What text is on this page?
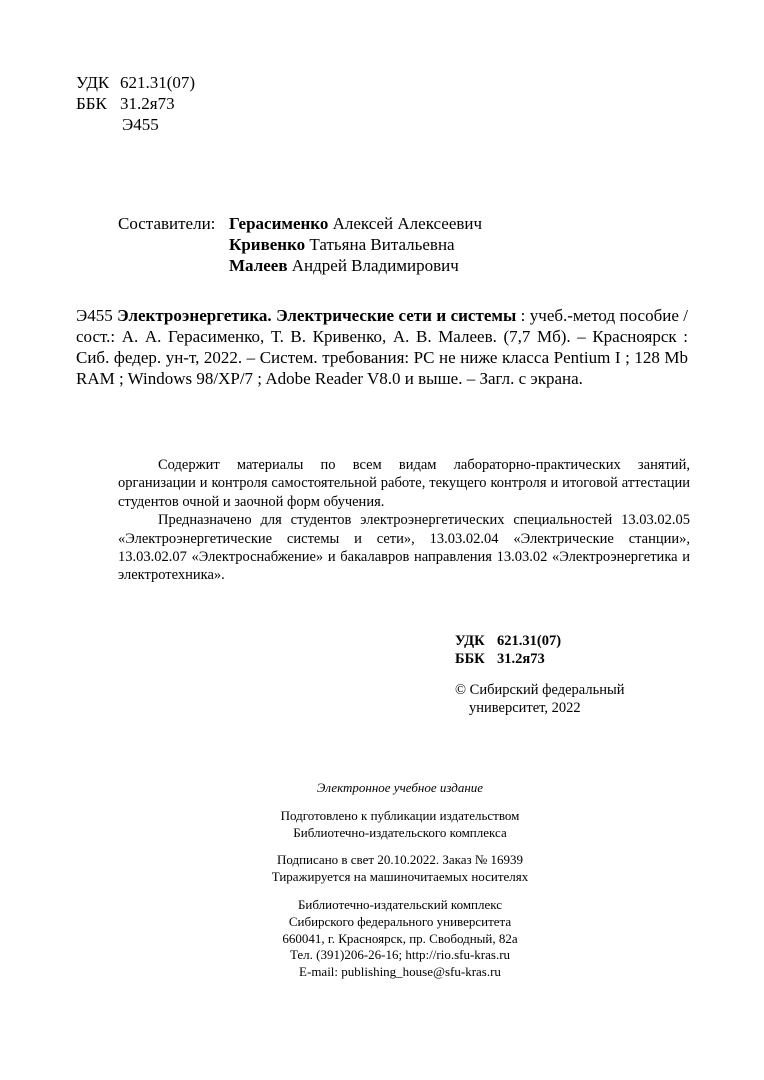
УДК 621.31(07)
ББК 31.2я73
Э455
Составители: Герасименко Алексей Алексеевич
Кривенко Татьяна Витальевна
Малеев Андрей Владимирович

Э455 Электроэнергетика. Электрические сети и системы : учеб.-метод пособие / сост.: А. А. Герасименко, Т. В. Кривенко, А. В. Малеев. (7,7 Мб). – Красноярск : Сиб. федер. ун-т, 2022. – Систем. требования: PC не ниже класса Pentium I ; 128 Mb RAM ; Windows 98/XP/7 ; Adobe Reader V8.0 и выше. – Загл. с экрана.

Содержит материалы по всем видам лабораторно-практических занятий, организации и контроля самостоятельной работе, текущего контроля и итоговой аттестации студентов очной и заочной форм обучения.

Предназначено для студентов электроэнергетических специальностей 13.03.02.05 «Электроэнергетические системы и сети», 13.03.02.04 «Электрические станции», 13.03.02.07 «Электроснабжение» и бакалавров направления 13.03.02 «Электроэнергетика и электротехника».

УДК 621.31(07)
ББК 31.2я73
© Сибирский федеральный
университет, 2022
Электронное учебное издание
Подготовлено к публикации издательством
Библиотечно-издательского комплекса
Подписано в свет 20.10.2022. Заказ № 16939
Тиражируется на машиночитаемых носителях
Библиотечно-издательский комплекс
Сибирского федерального университета
660041, г. Красноярск, пр. Свободный, 82а
Тел. (391)206-26-16; http://rio.sfu-kras.ru
E-mail: publishing_house@sfu-kras.ru
